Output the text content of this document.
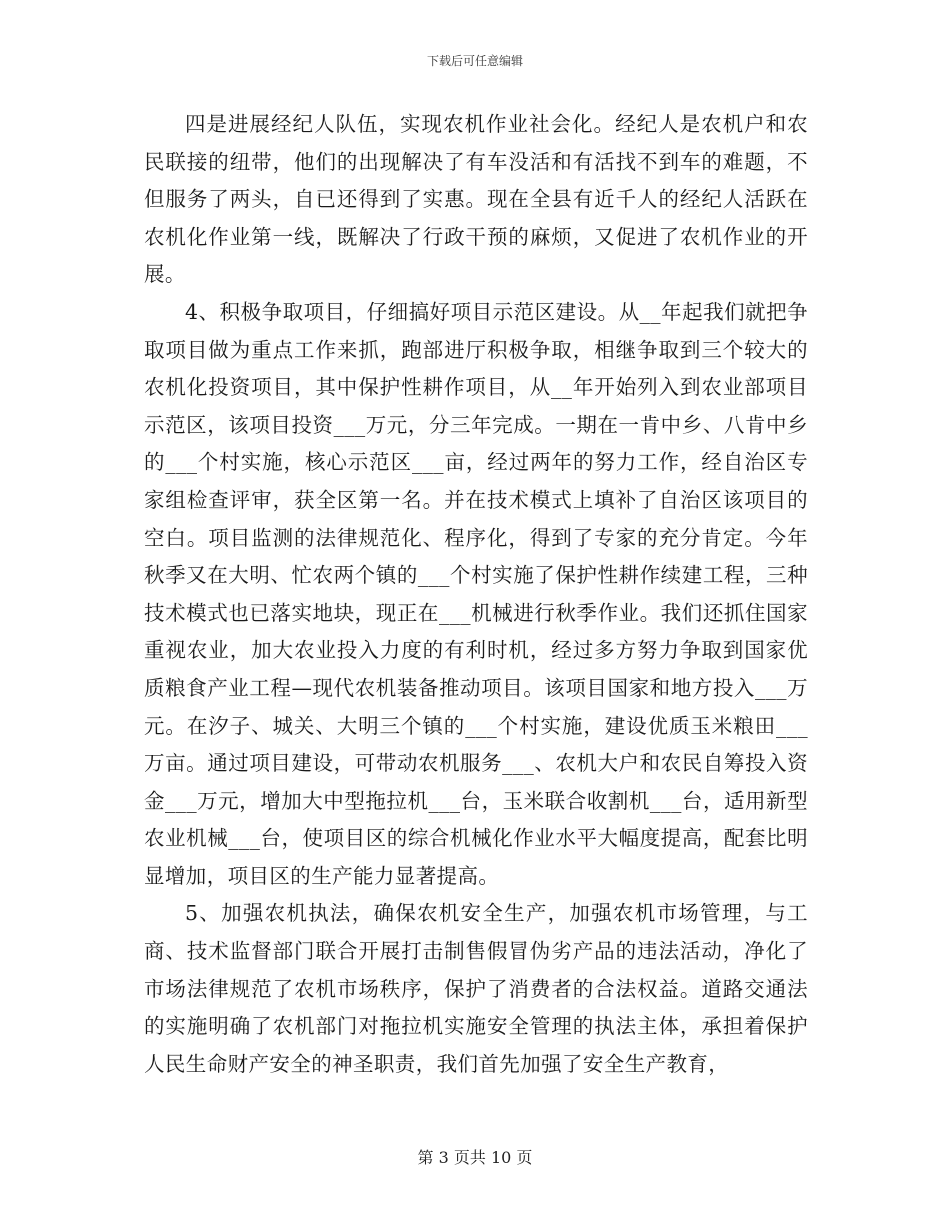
下载后可任意编辑

四是进展经纪人队伍，实现农机作业社会化。经纪人是农机户和农民联接的纽带，他们的出现解决了有车没活和有活找不到车的难题，不但服务了两头，自已还得到了实惠。现在全县有近千人的经纪人活跃在农机化作业第一线，既解决了行政干预的麻烦，又促进了农机作业的开展。

4、积极争取项目，仔细搞好项目示范区建设。从__年起我们就把争取项目做为重点工作来抓，跑部进厅积极争取，相继争取到三个较大的农机化投资项目，其中保护性耕作项目，从__年开始列入到农业部项目示范区，该项目投资___万元，分三年完成。一期在一肯中乡、八肯中乡的___个村实施，核心示范区___亩，经过两年的努力工作，经自治区专家组检查评审，获全区第一名。并在技术模式上填补了自治区该项目的空白。项目监测的法律规范化、程序化，得到了专家的充分肯定。今年秋季又在大明、忙农两个镇的___个村实施了保护性耕作续建工程，三种技术模式也已落实地块，现正在___机械进行秋季作业。我们还抓住国家重视农业，加大农业投入力度的有利时机，经过多方努力争取到国家优质粮食产业工程—现代农机装备推动项目。该项目国家和地方投入___万元。在汐子、城关、大明三个镇的___个村实施，建设优质玉米粮田___万亩。通过项目建设，可带动农机服务___、农机大户和农民自筹投入资金___万元，增加大中型拖拉机___台，玉米联合收割机___台，适用新型农业机械___台，使项目区的综合机械化作业水平大幅度提高，配套比明显增加，项目区的生产能力显著提高。

5、加强农机执法，确保农机安全生产，加强农机市场管理，与工商、技术监督部门联合开展打击制售假冒伪劣产品的违法活动，净化了市场法律规范了农机市场秩序，保护了消费者的合法权益。道路交通法的实施明确了农机部门对拖拉机实施安全管理的执法主体，承担着保护人民生命财产安全的神圣职责，我们首先加强了安全生产教育，

第 3 页共 10 页
